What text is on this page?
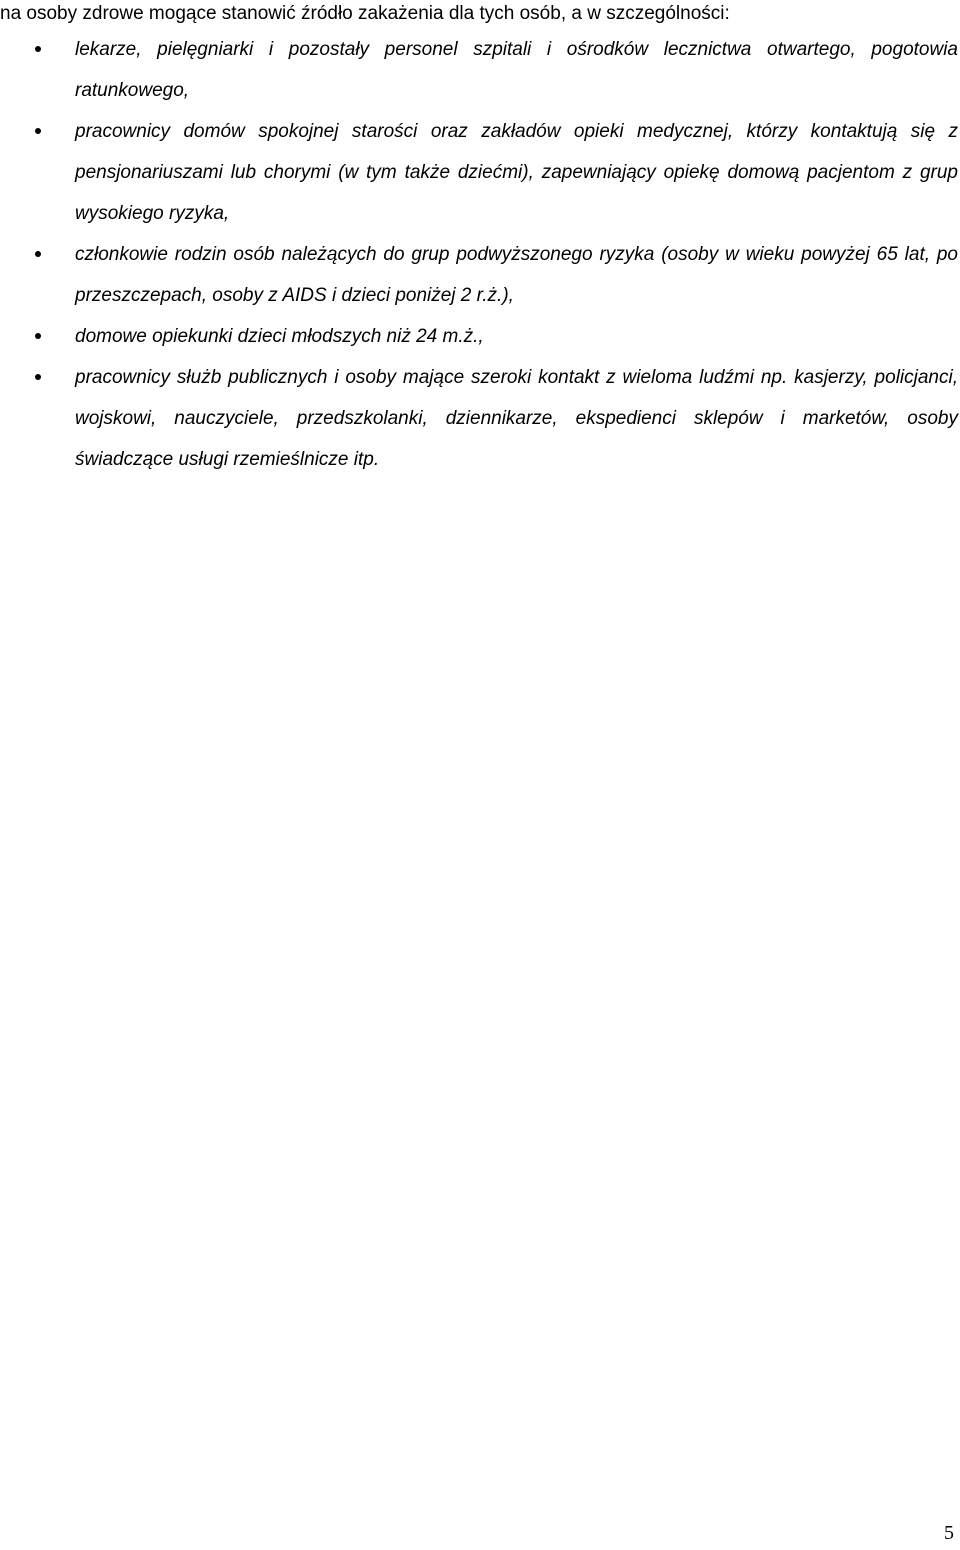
na osoby zdrowe mogące stanowić źródło zakażenia dla tych osób, a w szczególności:
lekarze, pielęgniarki i pozostały personel szpitali i ośrodków lecznictwa otwartego, pogotowia ratunkowego,
pracownicy domów spokojnej starości oraz zakładów opieki medycznej, którzy kontaktują się z pensjonariuszami lub chorymi (w tym także dziećmi), zapewniający opiekę domową pacjentom z grup wysokiego ryzyka,
członkowie rodzin osób należących do grup podwyższonego ryzyka (osoby w wieku powyżej 65 lat, po przeszczepach, osoby z AIDS i dzieci poniżej 2 r.ż.),
domowe opiekunki dzieci młodszych niż 24 m.ż.,
pracownicy służb publicznych i osoby mające szeroki kontakt z wieloma ludźmi np. kasjerzy, policjanci, wojskowi, nauczyciele, przedszkolanki, dziennikarze, ekspedienci sklepów i marketów, osoby świadczące usługi rzemieślnicze itp.
5
